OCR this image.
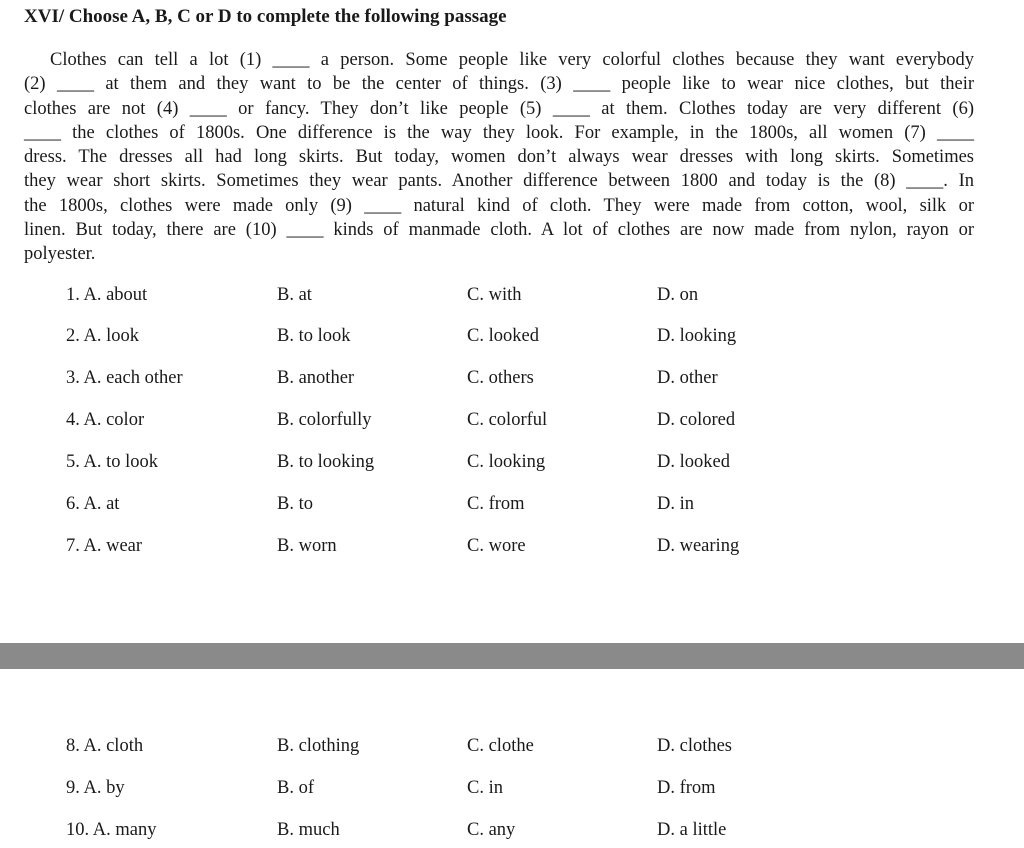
XVI/ Choose A, B, C or D to complete the following passage
Clothes can tell a lot (1) ____ a person. Some people like very colorful clothes because they want everybody
(2) ____ at them and they want to be the center of things. (3) ____ people like to wear nice clothes, but their
clothes are not (4) ____ or fancy. They don’t like people (5) ____ at them. Clothes today are very different (6)
____ the clothes of 1800s. One difference is the way they look. For example, in the 1800s, all women (7) ____
dress. The dresses all had long skirts. But today, women don’t always wear dresses with long skirts. Sometimes
they wear short skirts. Sometimes they wear pants. Another difference between 1800 and today is the (8) ____. In
the 1800s, clothes were made only (9) ____ natural kind of cloth. They were made from cotton, wool, silk or
linen. But today, there are (10) ____ kinds of manmade cloth. A lot of clothes are now made from nylon, rayon or
polyester.
1. A. about	B. at	C. with	D. on
2. A. look	B. to look	C. looked	D. looking
3. A. each other	B. another	C. others	D. other
4. A. color	B. colorfully	C. colorful	D. colored
5. A. to look	B. to looking	C. looking	D. looked
6. A. at	B. to	C. from	D. in
7. A. wear	B. worn	C. wore	D. wearing
8. A. cloth	B. clothing	C. clothe	D. clothes
9. A. by	B. of	C. in	D. from
10. A. many	B. much	C. any	D. a little
